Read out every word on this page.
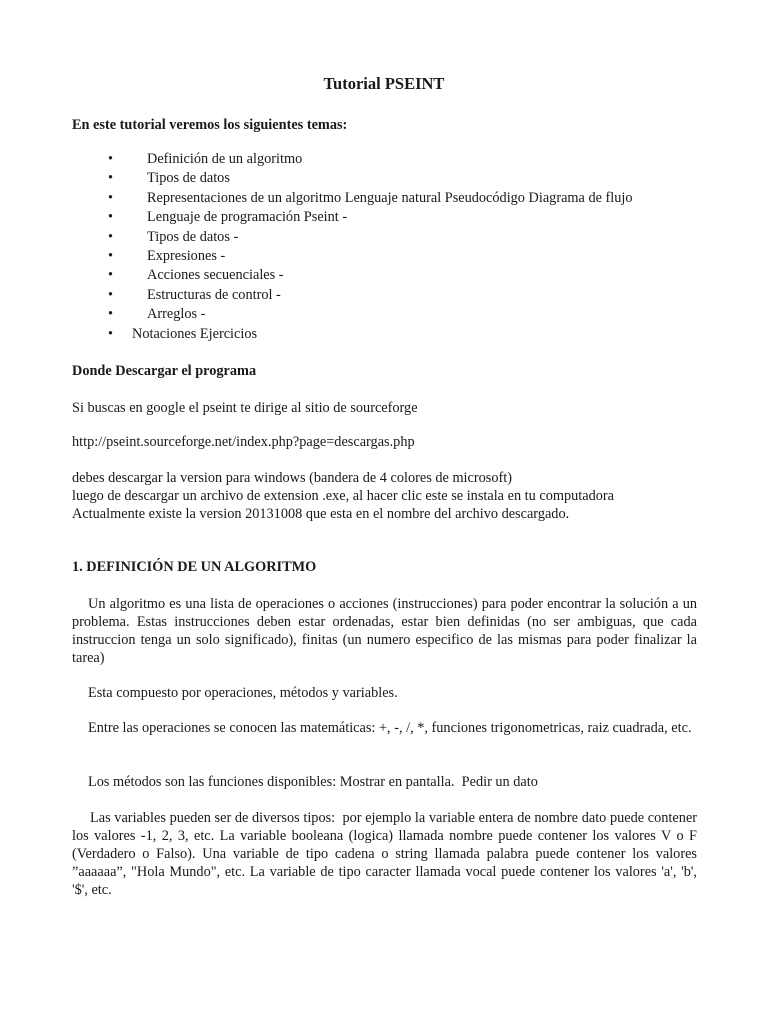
Tutorial PSEINT
En este tutorial veremos los siguientes temas:
• Definición de un algoritmo
• Tipos de datos
• Representaciones de un algoritmo Lenguaje natural Pseudocódigo Diagrama de flujo
• Lenguaje de programación Pseint -
• Tipos de datos -
• Expresiones -
• Acciones secuenciales -
• Estructuras de control -
• Arreglos -
• Notaciones Ejercicios
Donde Descargar el programa
Si buscas en google el pseint te dirige al sitio de sourceforge
http://pseint.sourceforge.net/index.php?page=descargas.php
debes descargar la version para windows (bandera de 4 colores de microsoft)
luego de descargar un archivo de extension .exe, al hacer clic este se instala en tu computadora
Actualmente existe la version 20131008 que esta en el nombre del archivo descargado.
1. DEFINICIÓN DE UN ALGORITMO
Un algoritmo es una lista de operaciones o acciones (instrucciones) para poder encontrar la solución a un problema. Estas instrucciones deben estar ordenadas, estar bien definidas (no ser ambiguas, que cada instruccion tenga un solo significado), finitas (un numero especifico de las mismas para poder finalizar la tarea)
Esta compuesto por operaciones, métodos y variables.
Entre las operaciones se conocen las matemáticas: +, -, /, *, funciones trigonometricas, raiz cuadrada, etc.
Los métodos son las funciones disponibles: Mostrar en pantalla.  Pedir un dato
Las variables pueden ser de diversos tipos:  por ejemplo la variable entera de nombre dato puede contener los valores -1, 2, 3, etc. La variable booleana (logica) llamada nombre puede contener los valores V o F (Verdadero o Falso). Una variable de tipo cadena o string llamada palabra puede contener los valores ”aaaaaa”, "Hola Mundo", etc. La variable de tipo caracter llamada vocal puede contener los valores 'a', 'b', '$', etc.
